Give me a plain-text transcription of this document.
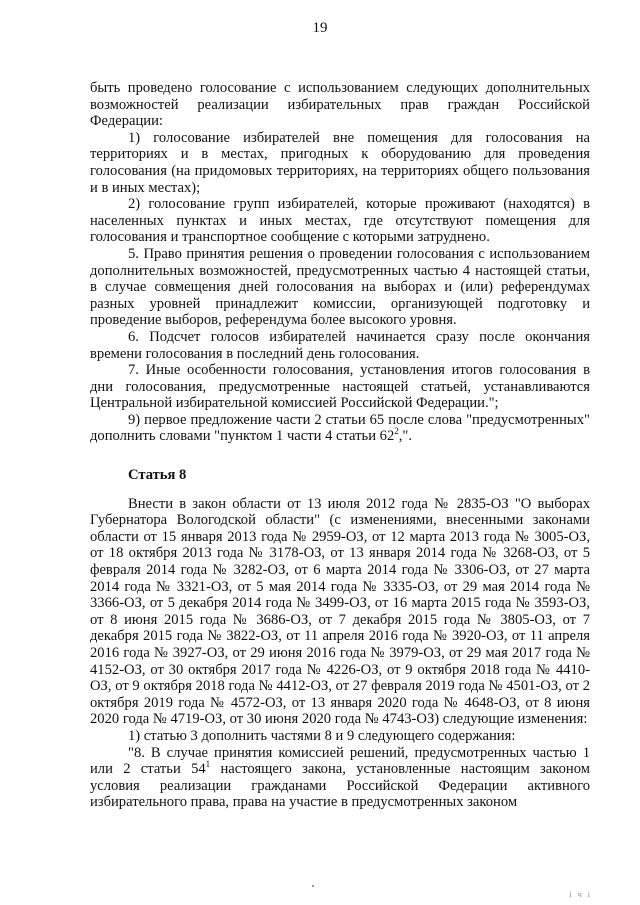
19

быть проведено голосование с использованием следующих дополнительных возможностей реализации избирательных прав граждан Российской Федерации:

1) голосование избирателей вне помещения для голосования на территориях и в местах, пригодных к оборудованию для проведения голосования (на придомовых территориях, на территориях общего пользования и в иных местах);

2) голосование групп избирателей, которые проживают (находятся) в населенных пунктах и иных местах, где отсутствуют помещения для голосования и транспортное сообщение с которыми затруднено.

5. Право принятия решения о проведении голосования с использованием дополнительных возможностей, предусмотренных частью 4 настоящей статьи, в случае совмещения дней голосования на выборах и (или) референдумах разных уровней принадлежит комиссии, организующей подготовку и проведение выборов, референдума более высокого уровня.

6. Подсчет голосов избирателей начинается сразу после окончания времени голосования в последний день голосования.

7. Иные особенности голосования, установления итогов голосования в дни голосования, предусмотренные настоящей статьей, устанавливаются Центральной избирательной комиссией Российской Федерации.";

9) первое предложение части 2 статьи 65 после слова "предусмотренных" дополнить словами "пунктом 1 части 4 статьи $62^2$,".

Статья 8

Внести в закон области от 13 июля 2012 года № 2835-ОЗ "О выборах Губернатора Вологодской области" (с изменениями, внесенными законами области от 15 января 2013 года № 2959-ОЗ, от 12 марта 2013 года № 3005-ОЗ, от 18 октября 2013 года № 3178-ОЗ, от 13 января 2014 года № 3268-ОЗ, от 5 февраля 2014 года № 3282-ОЗ, от 6 марта 2014 года № 3306-ОЗ, от 27 марта 2014 года № 3321-ОЗ, от 5 мая 2014 года № 3335-ОЗ, от 29 мая 2014 года № 3366-ОЗ, от 5 декабря 2014 года № 3499-ОЗ, от 16 марта 2015 года № 3593-ОЗ, от 8 июня 2015 года № 3686-ОЗ, от 7 декабря 2015 года № 3805-ОЗ, от 7 декабря 2015 года № 3822-ОЗ, от 11 апреля 2016 года № 3920-ОЗ, от 11 апреля 2016 года № 3927-ОЗ, от 29 июня 2016 года № 3979-ОЗ, от 29 мая 2017 года № 4152-ОЗ, от 30 октября 2017 года № 4226-ОЗ, от 9 октября 2018 года № 4410-ОЗ, от 9 октября 2018 года № 4412-ОЗ, от 27 февраля 2019 года № 4501-ОЗ, от 2 октября 2019 года № 4572-ОЗ, от 13 января 2020 года № 4648-ОЗ, от 8 июня 2020 года № 4719-ОЗ, от 30 июня 2020 года № 4743-ОЗ) следующие изменения:

1) статью 3 дополнить частями 8 и 9 следующего содержания:

"8. В случае принятия комиссией решений, предусмотренных частью 1 или 2 статьи $54^1$ настоящего закона, установленные настоящим законом условия реализации гражданами Российской Федерации активного избирательного права, права на участие в предусмотренных законом

і ч і
